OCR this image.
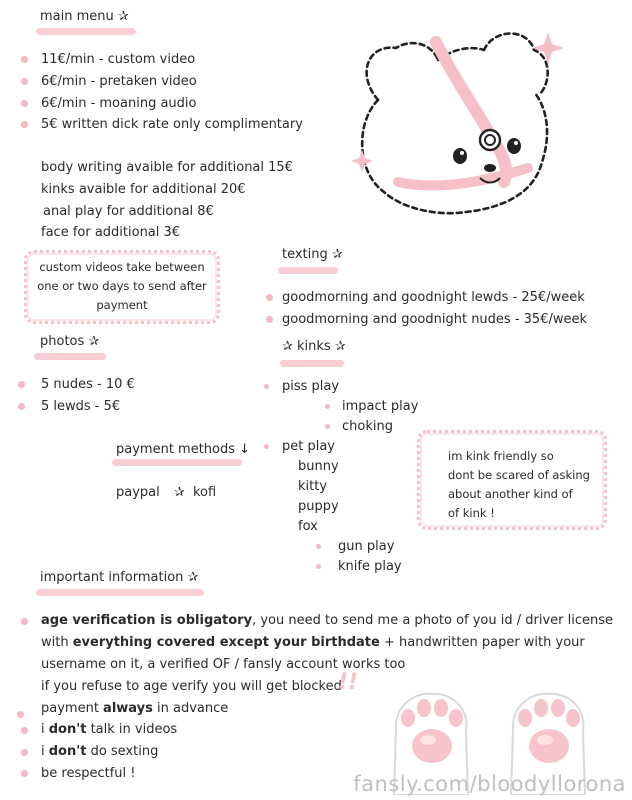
main menu ✰
11€/min - custom video
6€/min - pretaken video
6€/min - moaning audio
5€ written dick rate only complimentary
body writing avaible for additional 15€
kinks avaible for additional 20€
anal play for additional 8€
face for additional 3€
custom videos take between
one or two days to send after
payment
photos ✰
5 nudes - 10 €
5 lewds - 5€
payment methods ↓
paypal ✰ kofi
texting ✰
goodmorning and goodnight lewds - 25€/week
goodmorning and goodnight nudes - 35€/week
✰ kinks ✰
piss play
impact play
choking
pet play
bunny
kitty
puppy
fox
gun play
knife play
im kink friendly so
dont be scared of asking
about another kind of
of kink !
important information ✰
age verification is obligatory, you need to send me a photo of you id / driver license
with everything covered except your birthdate + handwritten paper with your
username on it, a verified OF / fansly account works too
if you refuse to age verify you will get blocked
!!
payment always in advance
i don't talk in videos
i don't do sexting
be respectful !	fansly.com/bloodyllorona
